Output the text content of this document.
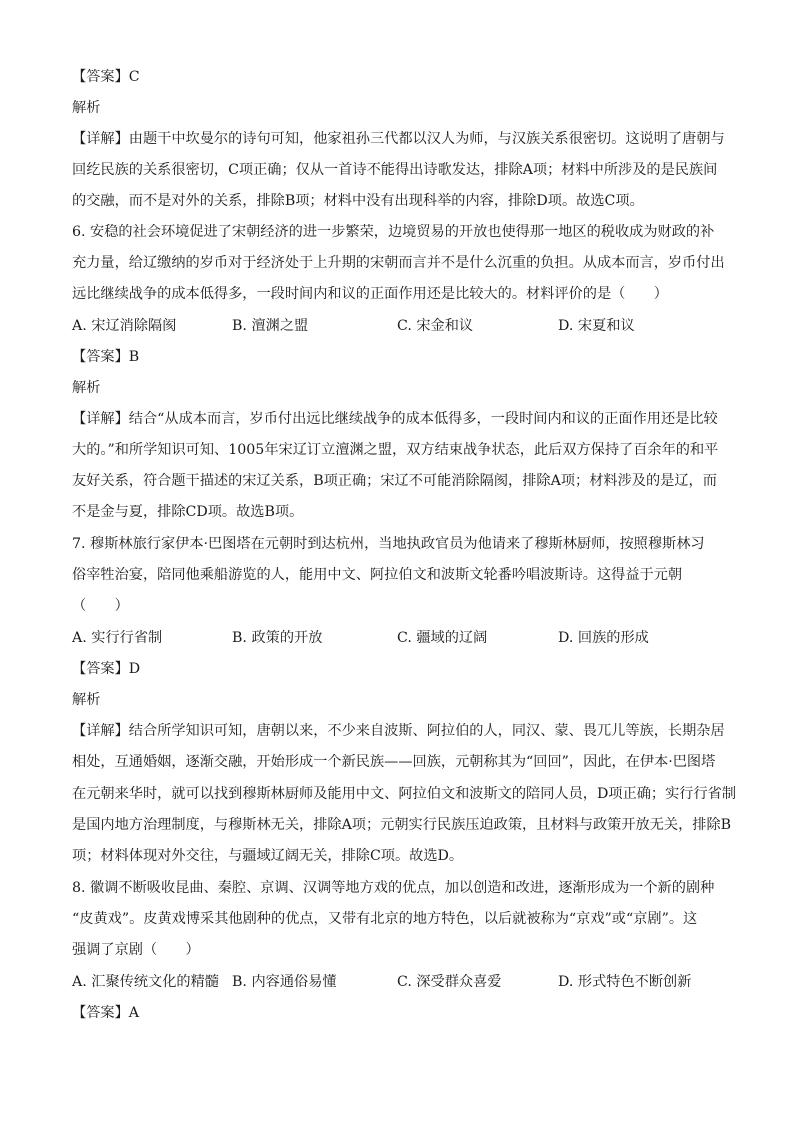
【答案】C
解析
【详解】由题干中坎曼尔的诗句可知，他家祖孙三代都以汉人为师，与汉族关系很密切。这说明了唐朝与
回纥民族的关系很密切，C项正确；仅从一首诗不能得出诗歌发达，排除A项；材料中所涉及的是民族间
的交融，而不是对外的关系，排除B项；材料中没有出现科举的内容，排除D项。故选C项。
6. 安稳的社会环境促进了宋朝经济的进一步繁荣，边境贸易的开放也使得那一地区的税收成为财政的补
充力量，给辽缴纳的岁币对于经济处于上升期的宋朝而言并不是什么沉重的负担。从成本而言，岁币付出
远比继续战争的成本低得多，一段时间内和议的正面作用还是比较大的。材料评价的是（　　）
A. 宋辽消除隔阂	B. 澶渊之盟	C. 宋金和议	D. 宋夏和议
【答案】B
解析
【详解】结合“从成本而言，岁币付出远比继续战争的成本低得多，一段时间内和议的正面作用还是比较
大的。”和所学知识可知、1005年宋辽订立澶渊之盟，双方结束战争状态，此后双方保持了百余年的和平
友好关系，符合题干描述的宋辽关系，B项正确；宋辽不可能消除隔阂，排除A项；材料涉及的是辽，而
不是金与夏，排除CD项。故选B项。
7. 穆斯林旅行家伊本·巴图塔在元朝时到达杭州，当地执政官员为他请来了穆斯林厨师，按照穆斯林习
俗宰牲治宴，陪同他乘船游览的人，能用中文、阿拉伯文和波斯文轮番吟唱波斯诗。这得益于元朝
（　　）
A. 实行行省制	B. 政策的开放	C. 疆域的辽阔	D. 回族的形成
【答案】D
解析
【详解】结合所学知识可知，唐朝以来，不少来自波斯、阿拉伯的人，同汉、蒙、畏兀儿等族，长期杂居
相处，互通婚姻，逐渐交融，开始形成一个新民族——回族，元朝称其为“回回”，因此，在伊本·巴图塔
在元朝来华时，就可以找到穆斯林厨师及能用中文、阿拉伯文和波斯文的陪同人员，D项正确；实行行省制
是国内地方治理制度，与穆斯林无关，排除A项；元朝实行民族压迫政策，且材料与政策开放无关，排除B
项；材料体现对外交往，与疆域辽阔无关，排除C项。故选D。
8. 徽调不断吸收昆曲、秦腔、京调、汉调等地方戏的优点，加以创造和改进，逐渐形成为一个新的剧种
“皮黄戏”。皮黄戏博采其他剧种的优点，又带有北京的地方特色，以后就被称为“京戏”或“京剧”。这
强调了京剧（　　）
A. 汇聚传统文化的精髓 B. 内容通俗易懂	C. 深受群众喜爱	D. 形式特色不断创新
【答案】A
